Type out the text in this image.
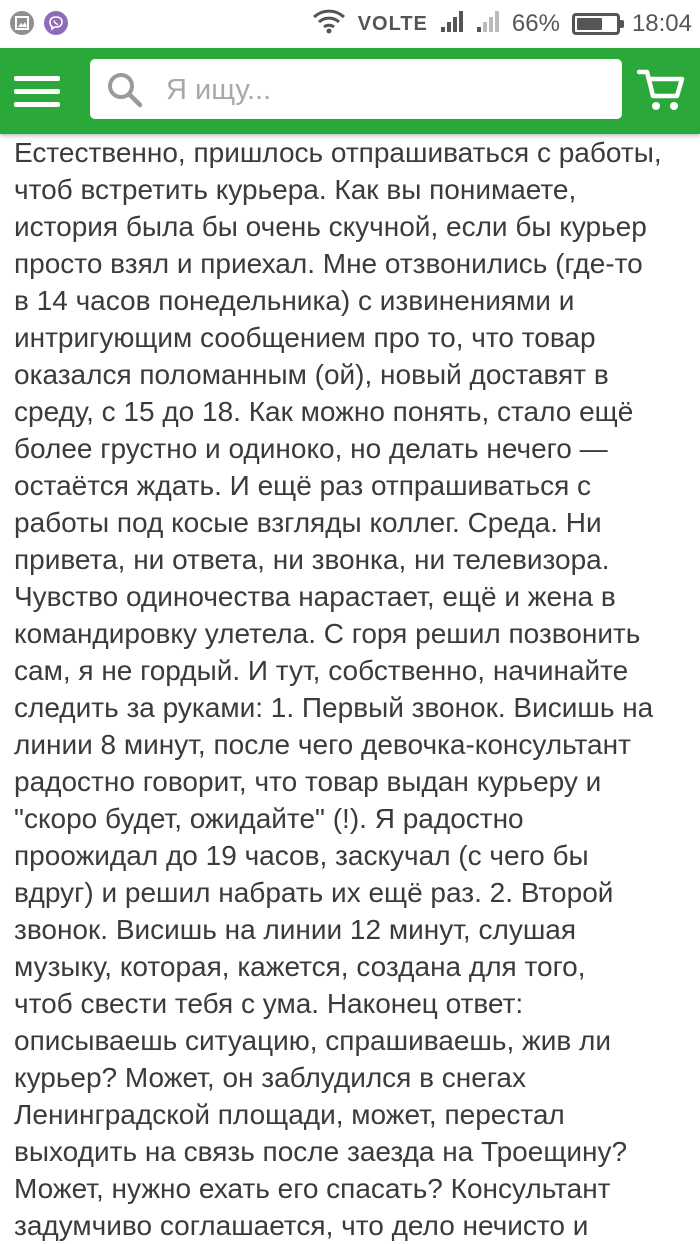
VOLTE	66%	18:04
Я ищу...

Естественно, пришлось отпрашиваться с работы,
чтоб встретить курьера. Как вы понимаете,
история была бы очень скучной, если бы курьер
просто взял и приехал. Мне отзвонились (где-то
в 14 часов понедельника) с извинениями и
интригующим сообщением про то, что товар
оказался поломанным (ой), новый доставят в
среду, с 15 до 18. Как можно понять, стало ещё
более грустно и одиноко, но делать нечего —
остаётся ждать. И ещё раз отпрашиваться с
работы под косые взгляды коллег. Среда. Ни
привета, ни ответа, ни звонка, ни телевизора.
Чувство одиночества нарастает, ещё и жена в
командировку улетела. С горя решил позвонить
сам, я не гордый. И тут, собственно, начинайте
следить за руками: 1. Первый звонок. Висишь на
линии 8 минут, после чего девочка-консультант
радостно говорит, что товар выдан курьеру и
"скоро будет, ожидайте" (!). Я радостно
проожидал до 19 часов, заскучал (с чего бы
вдруг) и решил набрать их ещё раз. 2. Второй
звонок. Висишь на линии 12 минут, слушая
музыку, которая, кажется, создана для того,
чтоб свести тебя с ума. Наконец ответ:
описываешь ситуацию, спрашиваешь, жив ли
курьер? Может, он заблудился в снегах
Ленинградской площади, может, перестал
выходить на связь после заезда на Троещину?
Может, нужно ехать его спасать? Консультант
задумчиво соглашается, что дело нечисто и
